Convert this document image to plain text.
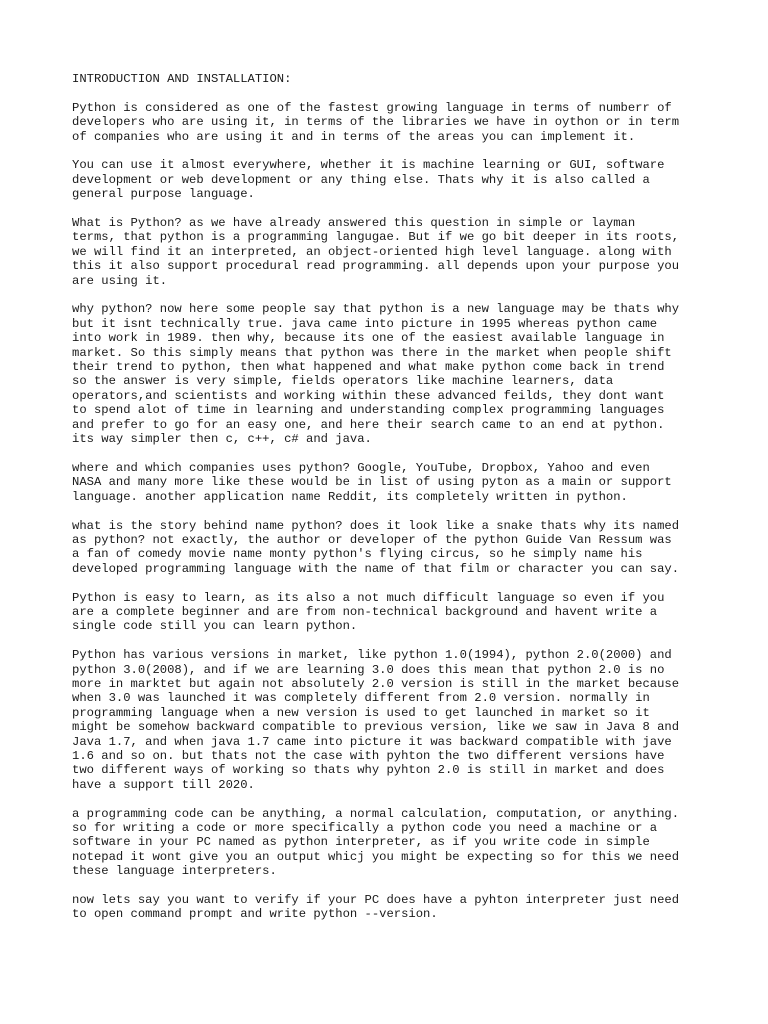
INTRODUCTION AND INSTALLATION:
Python is considered as one of the fastest growing language in terms of numberr of
developers who are using it, in terms of the libraries we have in oython or in term
of companies who are using it and in terms of the areas you can implement it.
You can use it almost everywhere, whether it is machine learning or GUI, software
development or web development or any thing else. Thats why it is also called a
general purpose language.
What is Python? as we have already answered this question in simple or layman
terms, that python is a programming langugae. But if we go bit deeper in its roots,
we will find it an interpreted, an object-oriented high level language. along with
this it also support procedural read programming. all depends upon your purpose you
are using it.
why python? now here some people say that python is a new language may be thats why
but it isnt technically true. java came into picture in 1995 whereas python came
into work in 1989. then why, because its one of the easiest available language in
market. So this simply means that python was there in the market when people shift
their trend to python, then what happened and what make python come back in trend
so the answer is very simple, fields operators like machine learners, data
operators,and scientists and working within these advanced feilds, they dont want
to spend alot of time in learning and understanding complex programming languages
and prefer to go for an easy one, and here their search came to an end at python.
its way simpler then c, c++, c# and java.
where and which companies uses python? Google, YouTube, Dropbox, Yahoo and even
NASA and many more like these would be in list of using pyton as a main or support
language. another application name Reddit, its completely written in python.
what is the story behind name python? does it look like a snake thats why its named
as python? not exactly, the author or developer of the python Guide Van Ressum was
a fan of comedy movie name monty python's flying circus, so he simply name his
developed programming language with the name of that film or character you can say.
Python is easy to learn, as its also a not much difficult language so even if you
are a complete beginner and are from non-technical background and havent write a
single code still you can learn python.
Python has various versions in market, like python 1.0(1994), python 2.0(2000) and
python 3.0(2008), and if we are learning 3.0 does this mean that python 2.0 is no
more in marktet but again not absolutely 2.0 version is still in the market because
when 3.0 was launched it was completely different from 2.0 version. normally in
programming language when a new version is used to get launched in market so it
might be somehow backward compatible to previous version, like we saw in Java 8 and
Java 1.7, and when java 1.7 came into picture it was backward compatible with jave
1.6 and so on. but thats not the case with pyhton the two different versions have
two different ways of working so thats why pyhton 2.0 is still in market and does
have a support till 2020.
a programming code can be anything, a normal calculation, computation, or anything.
so for writing a code or more specifically a python code you need a machine or a
software in your PC named as python interpreter, as if you write code in simple
notepad it wont give you an output whicj you might be expecting so for this we need
these language interpreters.
now lets say you want to verify if your PC does have a pyhton interpreter just need
to open command prompt and write python --version.
